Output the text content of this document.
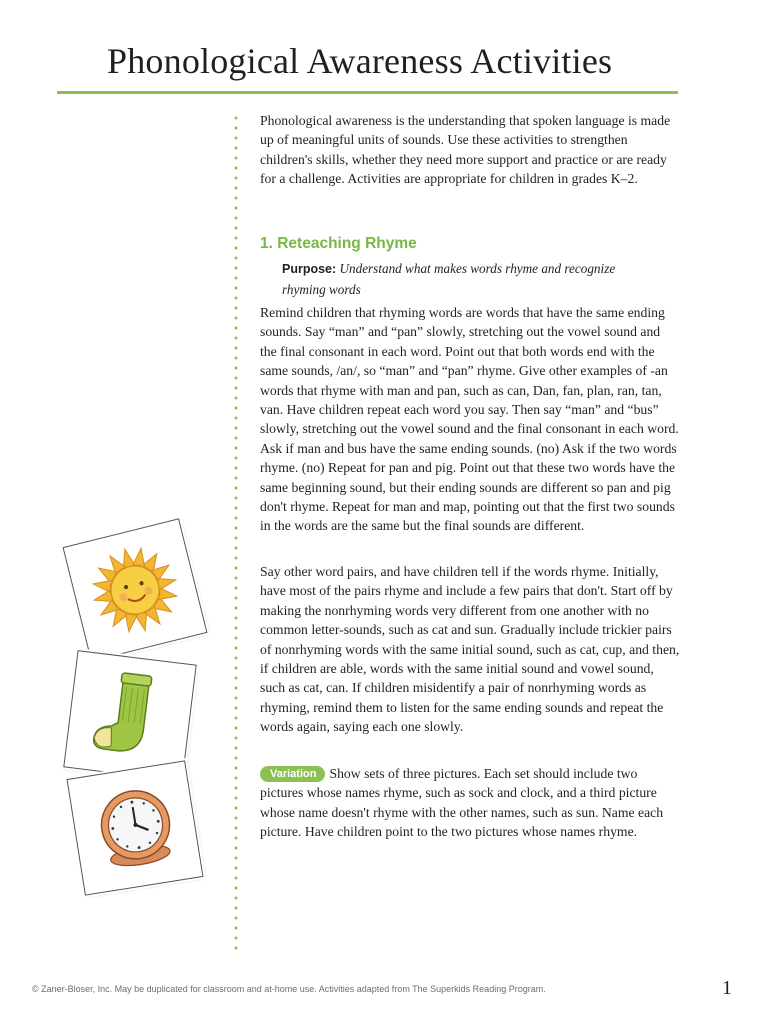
Phonological Awareness Activities

Phonological awareness is the understanding that spoken language is made up of meaningful units of sounds. Use these activities to strengthen children's skills, whether they need more support and practice or are ready for a challenge. Activities are appropriate for children in grades K–2.

1. Reteaching Rhyme

Purpose: Understand what makes words rhyme and recognize rhyming words

Remind children that rhyming words are words that have the same ending sounds. Say “man” and “pan” slowly, stretching out the vowel sound and the final consonant in each word. Point out that both words end with the same sounds, /an/, so “man” and “pan” rhyme. Give other examples of -an words that rhyme with man and pan, such as can, Dan, fan, plan, ran, tan, van. Have children repeat each word you say. Then say “man” and “bus” slowly, stretching out the vowel sound and the final consonant in each word. Ask if man and bus have the same ending sounds. (no) Ask if the two words rhyme. (no) Repeat for pan and pig. Point out that these two words have the same beginning sound, but their ending sounds are different so pan and pig don't rhyme. Repeat for man and map, pointing out that the first two sounds in the words are the same but the final sounds are different.

Say other word pairs, and have children tell if the words rhyme. Initially, have most of the pairs rhyme and include a few pairs that don't. Start off by making the nonrhyming words very different from one another with no common letter-sounds, such as cat and sun. Gradually include trickier pairs of nonrhyming words with the same initial sound, such as cat, cup, and then, if children are able, words with the same initial sound and vowel sound, such as cat, can. If children misidentify a pair of nonrhyming words as rhyming, remind them to listen for the same ending sounds and repeat the words again, saying each one slowly.

Variation Show sets of three pictures. Each set should include two pictures whose names rhyme, such as sock and clock, and a third picture whose name doesn't rhyme with the other names, such as sun. Name each picture. Have children point to the two pictures whose names rhyme.

© Zaner-Bloser, Inc. May be duplicated for classroom and at-home use. Activities adapted from The Superkids Reading Program.	1
